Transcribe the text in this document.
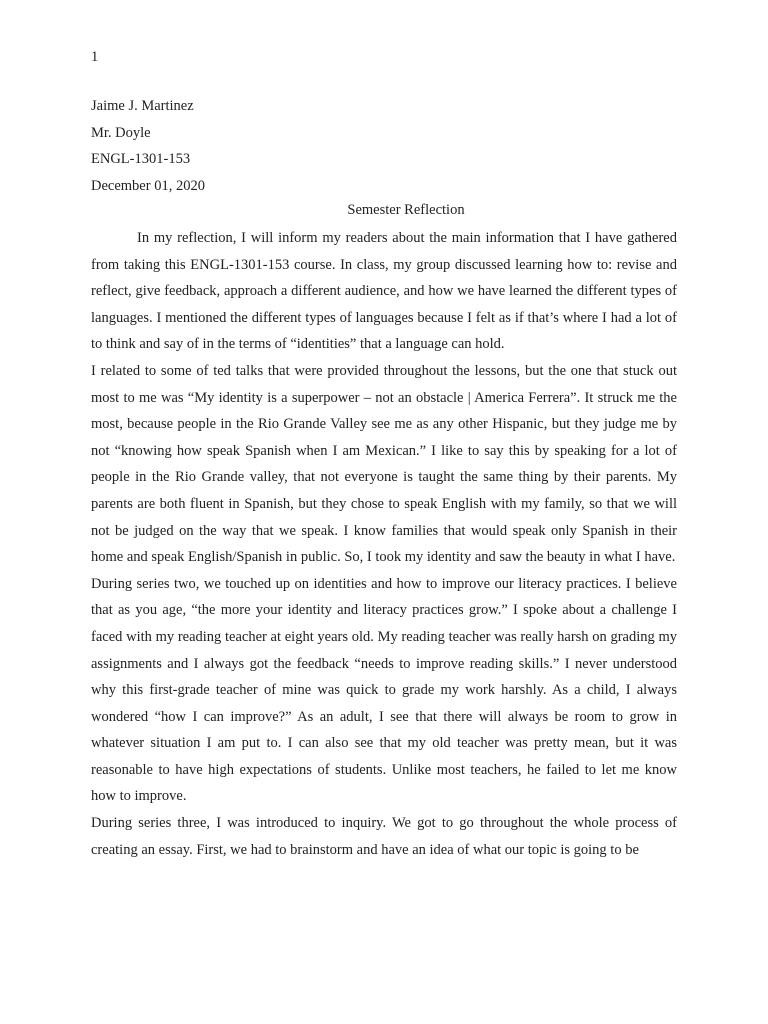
1
Jaime J. Martinez
Mr. Doyle
ENGL-1301-153
December 01, 2020
Semester Reflection

In my reflection, I will inform my readers about the main information that I have gathered from taking this ENGL-1301-153 course. In class, my group discussed learning how to: revise and reflect, give feedback, approach a different audience, and how we have learned the different types of languages. I mentioned the different types of languages because I felt as if that’s where I had a lot of to think and say of in the terms of “identities” that a language can hold.

I related to some of ted talks that were provided throughout the lessons, but the one that stuck out most to me was “My identity is a superpower – not an obstacle | America Ferrera”. It struck me the most, because people in the Rio Grande Valley see me as any other Hispanic, but they judge me by not “knowing how speak Spanish when I am Mexican.” I like to say this by speaking for a lot of people in the Rio Grande valley, that not everyone is taught the same thing by their parents. My parents are both fluent in Spanish, but they chose to speak English with my family, so that we will not be judged on the way that we speak. I know families that would speak only Spanish in their home and speak English/Spanish in public. So, I took my identity and saw the beauty in what I have.

During series two, we touched up on identities and how to improve our literacy practices. I believe that as you age, “the more your identity and literacy practices grow.” I spoke about a challenge I faced with my reading teacher at eight years old. My reading teacher was really harsh on grading my assignments and I always got the feedback “needs to improve reading skills.” I never understood why this first-grade teacher of mine was quick to grade my work harshly. As a child, I always wondered “how I can improve?” As an adult, I see that there will always be room to grow in whatever situation I am put to. I can also see that my old teacher was pretty mean, but it was reasonable to have high expectations of students. Unlike most teachers, he failed to let me know how to improve.

During series three, I was introduced to inquiry. We got to go throughout the whole process of creating an essay. First, we had to brainstorm and have an idea of what our topic is going to be
